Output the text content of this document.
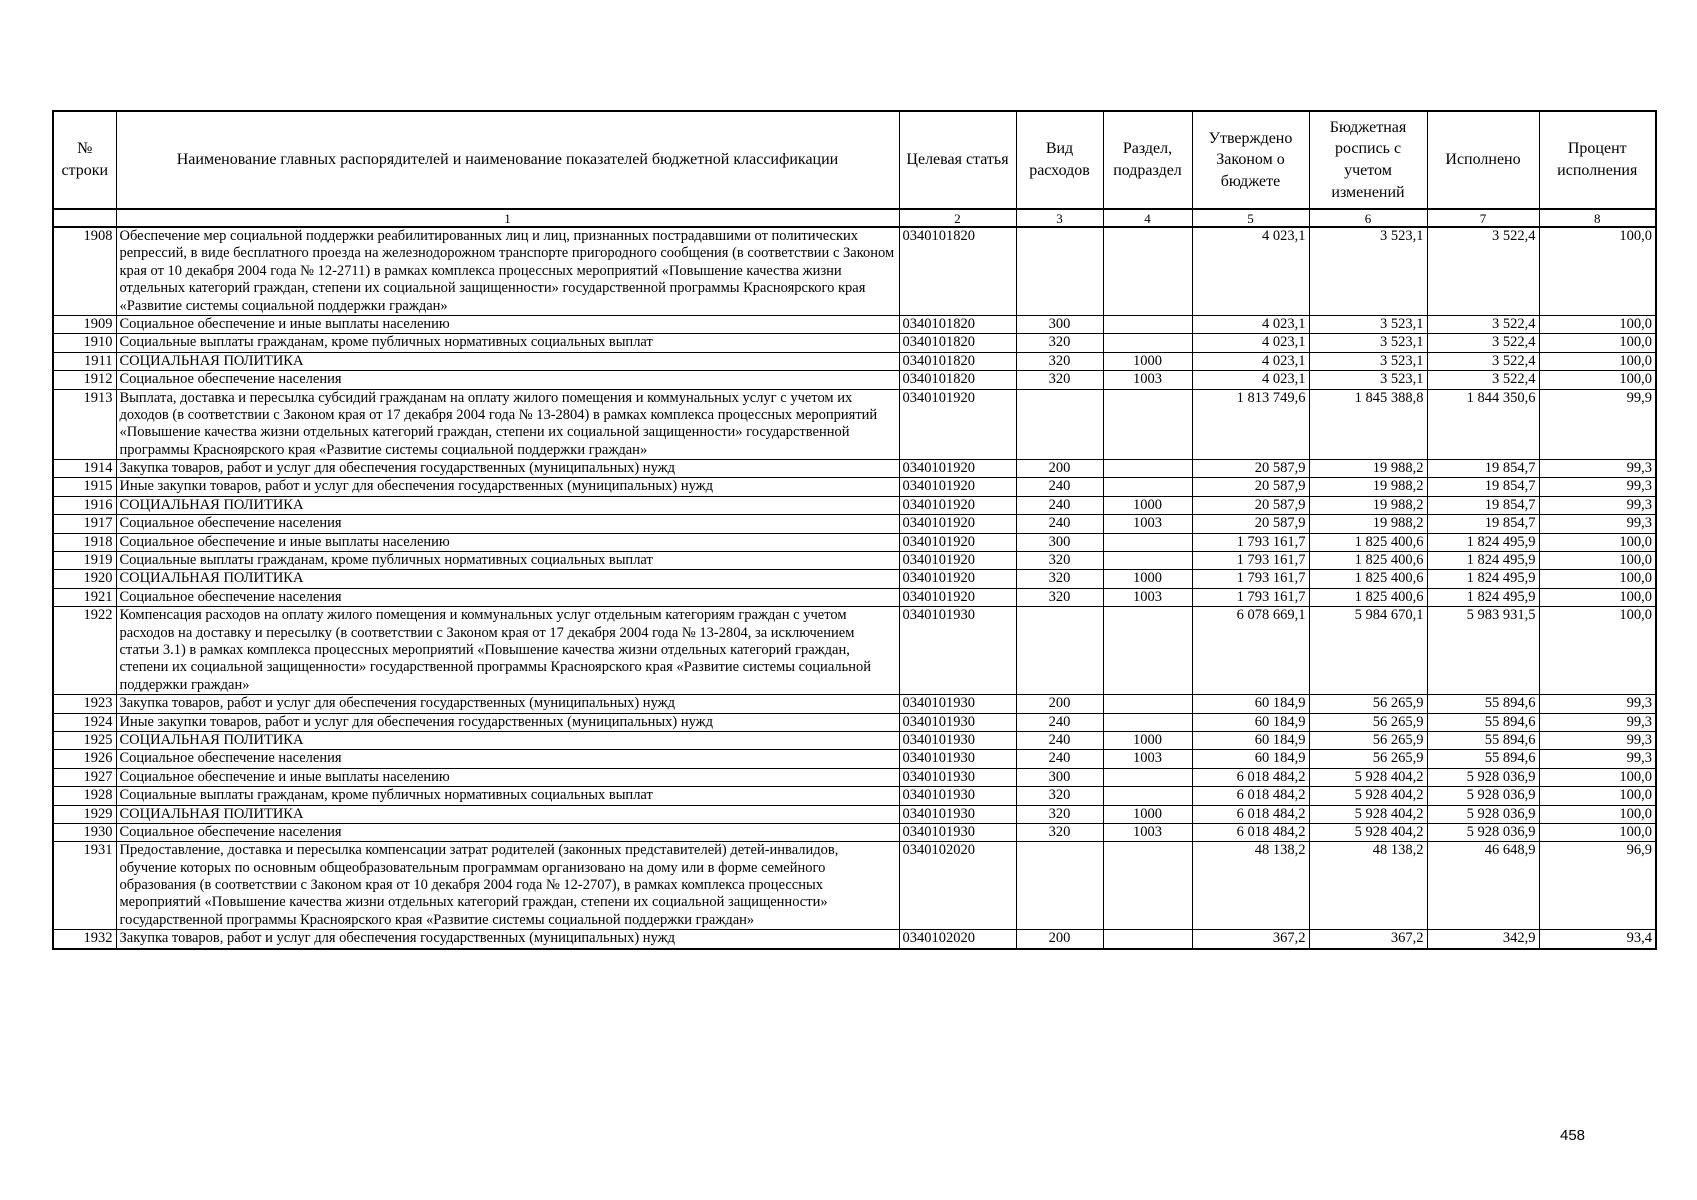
№ строки	Наименование главных распорядителей и наименование показателей бюджетной классификации	Целевая статья	Вид расходов	Раздел, подраздел	Утверждено Законом о бюджете	Бюджетная роспись с учетом изменений	Исполнено	Процент исполнения
	1	2	3	4	5	6	7	8
1908	Обеспечение мер социальной поддержки реабилитированных лиц и лиц, признанных пострадавшими от политических репрессий, в виде бесплатного проезда на железнодорожном транспорте пригородного сообщения (в соответствии с Законом края от 10 декабря 2004 года № 12-2711) в рамках комплекса процессных мероприятий «Повышение качества жизни отдельных категорий граждан, степени их социальной защищенности» государственной программы Красноярского края «Развитие системы социальной поддержки граждан»	0340101820			4 023,1	3 523,1	3 522,4	100,0
1909	Социальное обеспечение и иные выплаты населению	0340101820	300		4 023,1	3 523,1	3 522,4	100,0
1910	Социальные выплаты гражданам, кроме публичных нормативных социальных выплат	0340101820	320		4 023,1	3 523,1	3 522,4	100,0
1911	СОЦИАЛЬНАЯ ПОЛИТИКА	0340101820	320	1000	4 023,1	3 523,1	3 522,4	100,0
1912	Социальное обеспечение населения	0340101820	320	1003	4 023,1	3 523,1	3 522,4	100,0
1913	Выплата, доставка и пересылка субсидий гражданам на оплату жилого помещения и коммунальных услуг с учетом их доходов (в соответствии с Законом края от 17 декабря 2004 года № 13-2804) в рамках комплекса процессных мероприятий «Повышение качества жизни отдельных категорий граждан, степени их социальной защищенности» государственной программы Красноярского края «Развитие системы социальной поддержки граждан»	0340101920			1 813 749,6	1 845 388,8	1 844 350,6	99,9
1914	Закупка товаров, работ и услуг для обеспечения государственных (муниципальных) нужд	0340101920	200		20 587,9	19 988,2	19 854,7	99,3
1915	Иные закупки товаров, работ и услуг для обеспечения государственных (муниципальных) нужд	0340101920	240		20 587,9	19 988,2	19 854,7	99,3
1916	СОЦИАЛЬНАЯ ПОЛИТИКА	0340101920	240	1000	20 587,9	19 988,2	19 854,7	99,3
1917	Социальное обеспечение населения	0340101920	240	1003	20 587,9	19 988,2	19 854,7	99,3
1918	Социальное обеспечение и иные выплаты населению	0340101920	300		1 793 161,7	1 825 400,6	1 824 495,9	100,0
1919	Социальные выплаты гражданам, кроме публичных нормативных социальных выплат	0340101920	320		1 793 161,7	1 825 400,6	1 824 495,9	100,0
1920	СОЦИАЛЬНАЯ ПОЛИТИКА	0340101920	320	1000	1 793 161,7	1 825 400,6	1 824 495,9	100,0
1921	Социальное обеспечение населения	0340101920	320	1003	1 793 161,7	1 825 400,6	1 824 495,9	100,0
1922	Компенсация расходов на оплату жилого помещения и коммунальных услуг отдельным категориям граждан с учетом расходов на доставку и пересылку (в соответствии с Законом края от 17 декабря 2004 года № 13-2804, за исключением статьи 3.1) в рамках комплекса процессных мероприятий «Повышение качества жизни отдельных категорий граждан, степени их социальной защищенности» государственной программы Красноярского края «Развитие системы социальной поддержки граждан»	0340101930			6 078 669,1	5 984 670,1	5 983 931,5	100,0
1923	Закупка товаров, работ и услуг для обеспечения государственных (муниципальных) нужд	0340101930	200		60 184,9	56 265,9	55 894,6	99,3
1924	Иные закупки товаров, работ и услуг для обеспечения государственных (муниципальных) нужд	0340101930	240		60 184,9	56 265,9	55 894,6	99,3
1925	СОЦИАЛЬНАЯ ПОЛИТИКА	0340101930	240	1000	60 184,9	56 265,9	55 894,6	99,3
1926	Социальное обеспечение населения	0340101930	240	1003	60 184,9	56 265,9	55 894,6	99,3
1927	Социальное обеспечение и иные выплаты населению	0340101930	300		6 018 484,2	5 928 404,2	5 928 036,9	100,0
1928	Социальные выплаты гражданам, кроме публичных нормативных социальных выплат	0340101930	320		6 018 484,2	5 928 404,2	5 928 036,9	100,0
1929	СОЦИАЛЬНАЯ ПОЛИТИКА	0340101930	320	1000	6 018 484,2	5 928 404,2	5 928 036,9	100,0
1930	Социальное обеспечение населения	0340101930	320	1003	6 018 484,2	5 928 404,2	5 928 036,9	100,0
1931	Предоставление, доставка и пересылка компенсации затрат родителей (законных представителей) детей-инвалидов, обучение которых по основным общеобразовательным программам организовано на дому или в форме семейного образования (в соответствии с Законом края от 10 декабря 2004 года № 12-2707), в рамках комплекса процессных мероприятий «Повышение качества жизни отдельных категорий граждан, степени их социальной защищенности» государственной программы Красноярского края «Развитие системы социальной поддержки граждан»	0340102020			48 138,2	48 138,2	46 648,9	96,9
1932	Закупка товаров, работ и услуг для обеспечения государственных (муниципальных) нужд	0340102020	200		367,2	367,2	342,9	93,4
458
